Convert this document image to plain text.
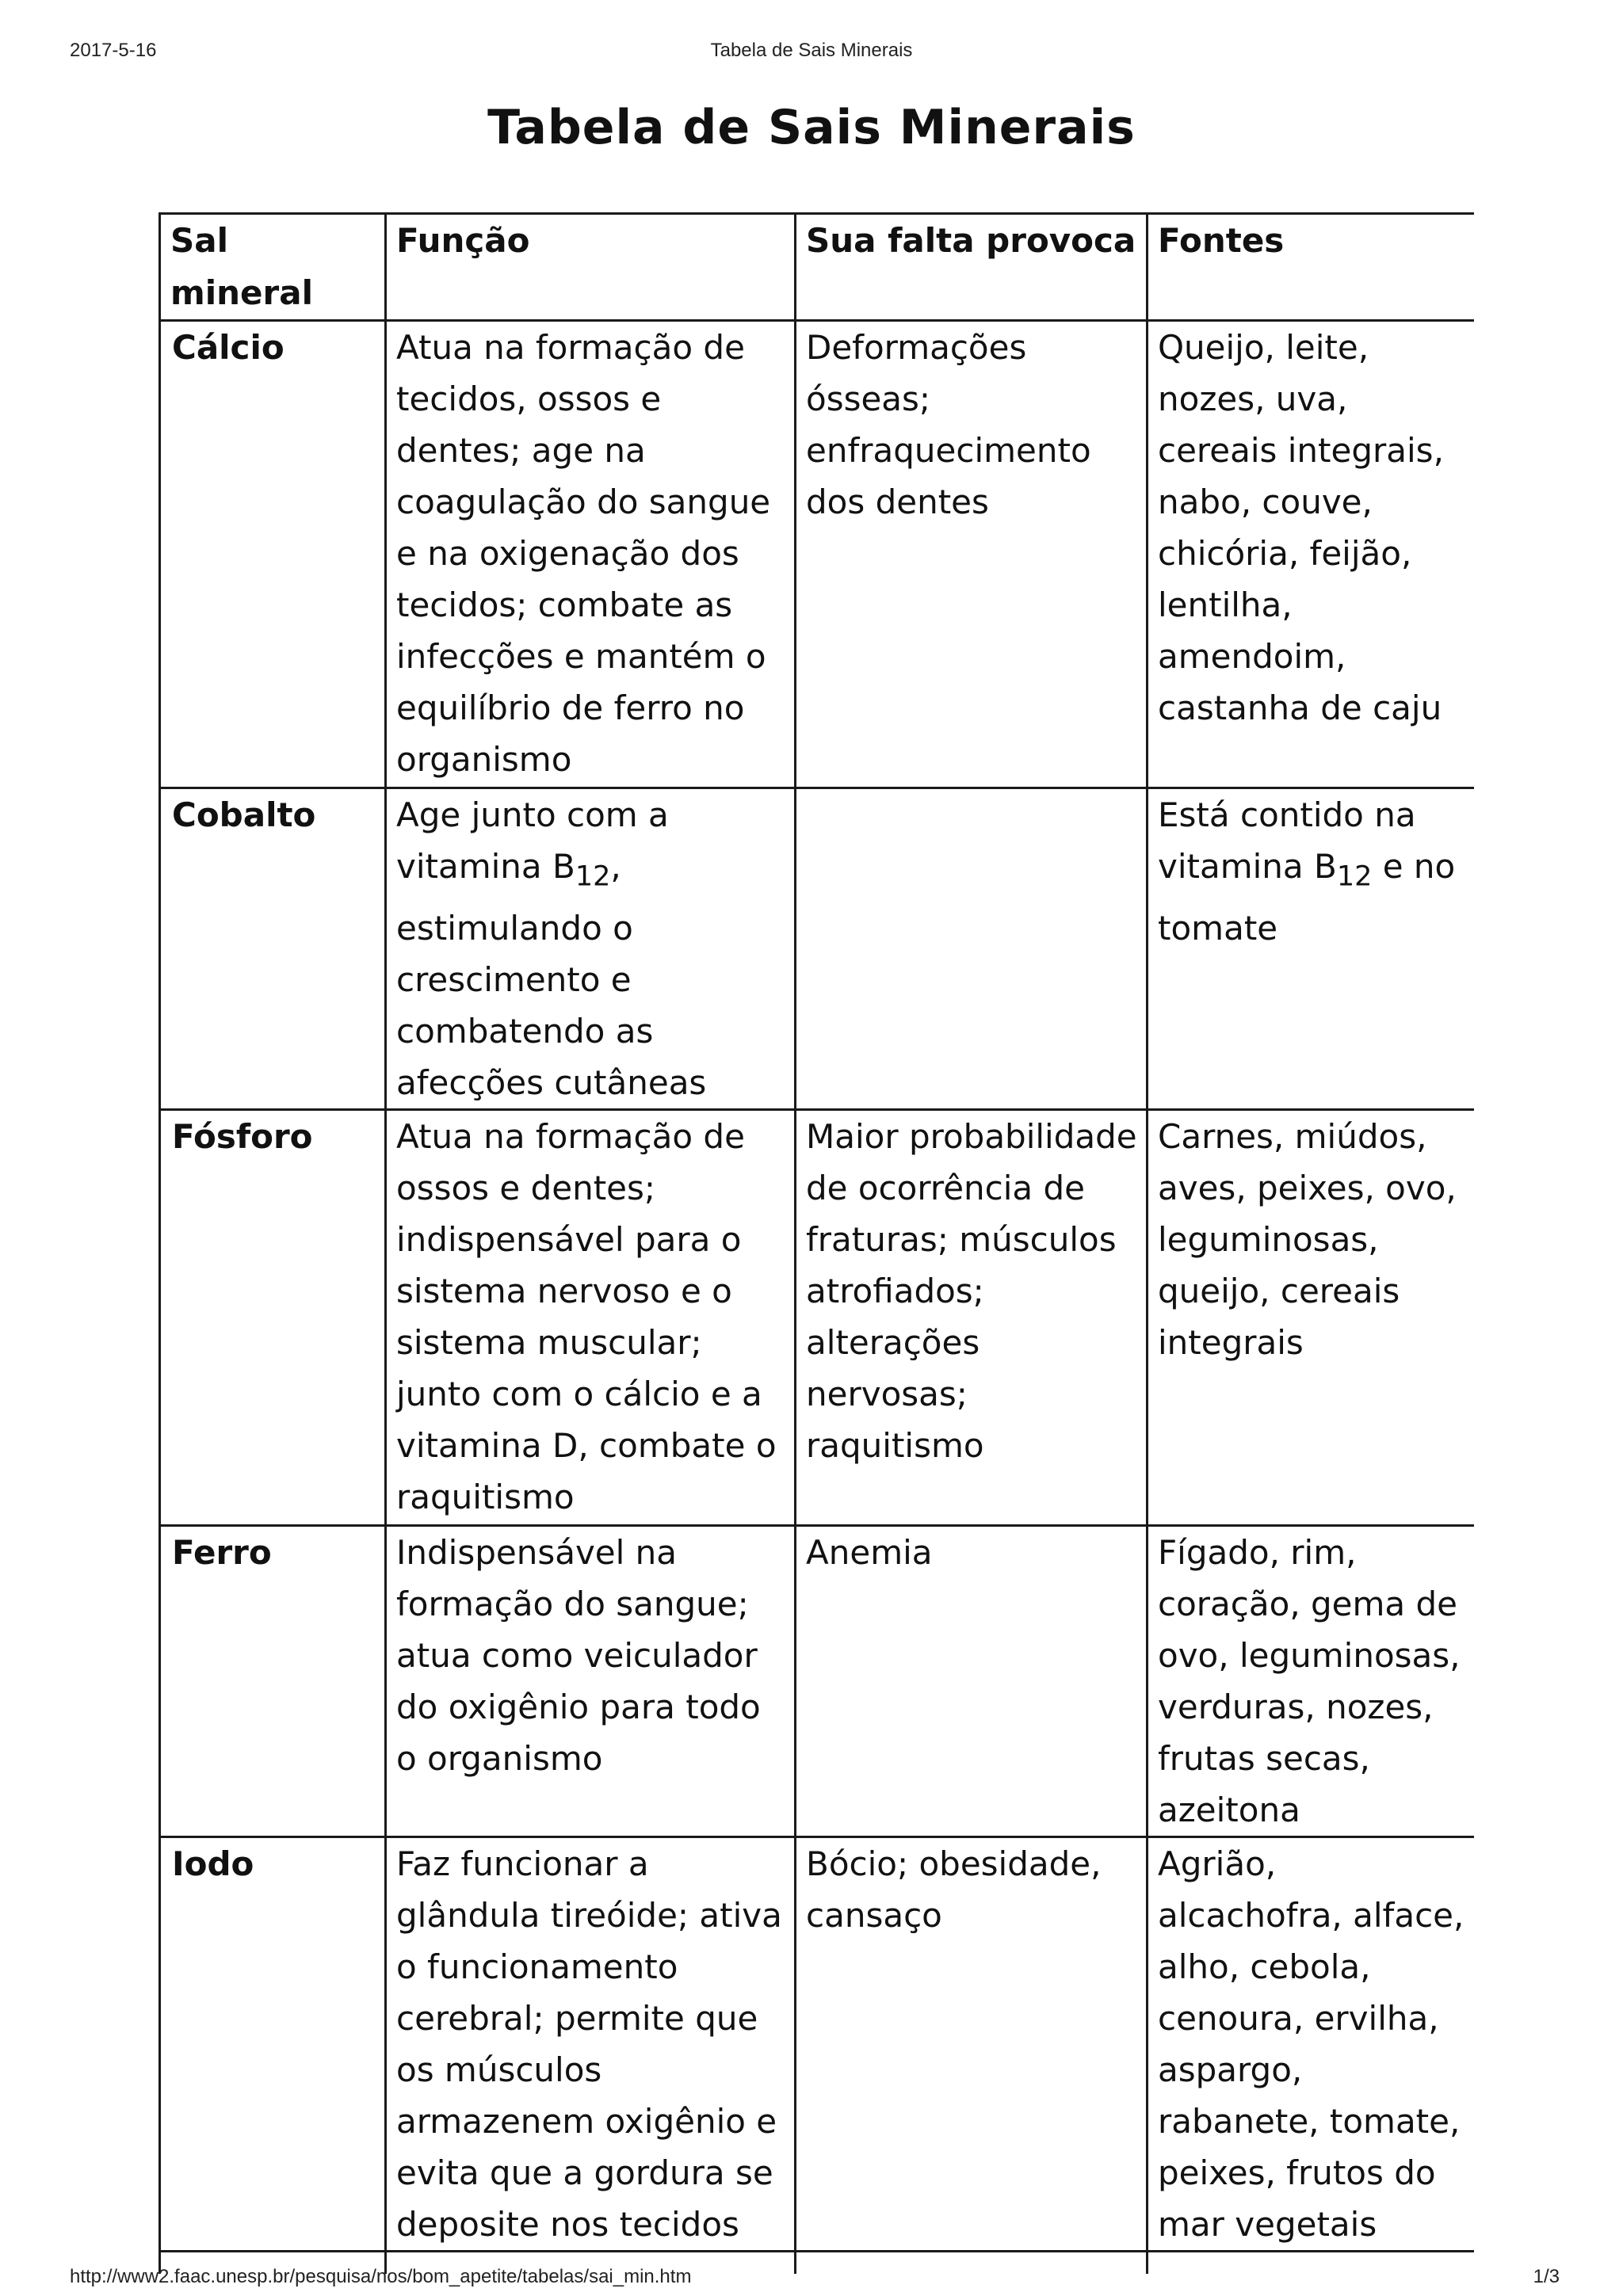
2017-5-16	Tabela de Sais Minerais
Tabela de Sais Minerais
Sal mineral	Função	Sua falta provoca	Fontes
Cálcio	Atua na formação de tecidos, ossos e dentes; age na coagulação do sangue e na oxigenação dos tecidos; combate as infecções e mantém o equilíbrio de ferro no organismo	Deformações ósseas; enfraquecimento dos dentes	Queijo, leite, nozes, uva, cereais integrais, nabo, couve, chicória, feijão, lentilha, amendoim, castanha de caju
Cobalto	Age junto com a vitamina $B_{12}$, estimulando o crescimento e combatendo as afecções cutâneas		Está contido na vitamina $B_{12}$ e no tomate
Fósforo	Atua na formação de ossos e dentes; indispensável para o sistema nervoso e o sistema muscular; junto com o cálcio e a vitamina D, combate o raquitismo	Maior probabilidade de ocorrência de fraturas; músculos atrofiados; alterações nervosas; raquitismo	Carnes, miúdos, aves, peixes, ovo, leguminosas, queijo, cereais integrais
Ferro	Indispensável na formação do sangue; atua como veiculador do oxigênio para todo o organismo	Anemia	Fígado, rim, coração, gema de ovo, leguminosas, verduras, nozes, frutas secas, azeitona
Iodo	Faz funcionar a glândula tireóide; ativa o funcionamento cerebral; permite que os músculos armazenem oxigênio e evita que a gordura se deposite nos tecidos	Bócio; obesidade, cansaço	Agrião, alcachofra, alface, alho, cebola, cenoura, ervilha, aspargo, rabanete, tomate, peixes, frutos do mar vegetais

http://www2.faac.unesp.br/pesquisa/nos/bom_apetite/tabelas/sai_min.htm	1/3
